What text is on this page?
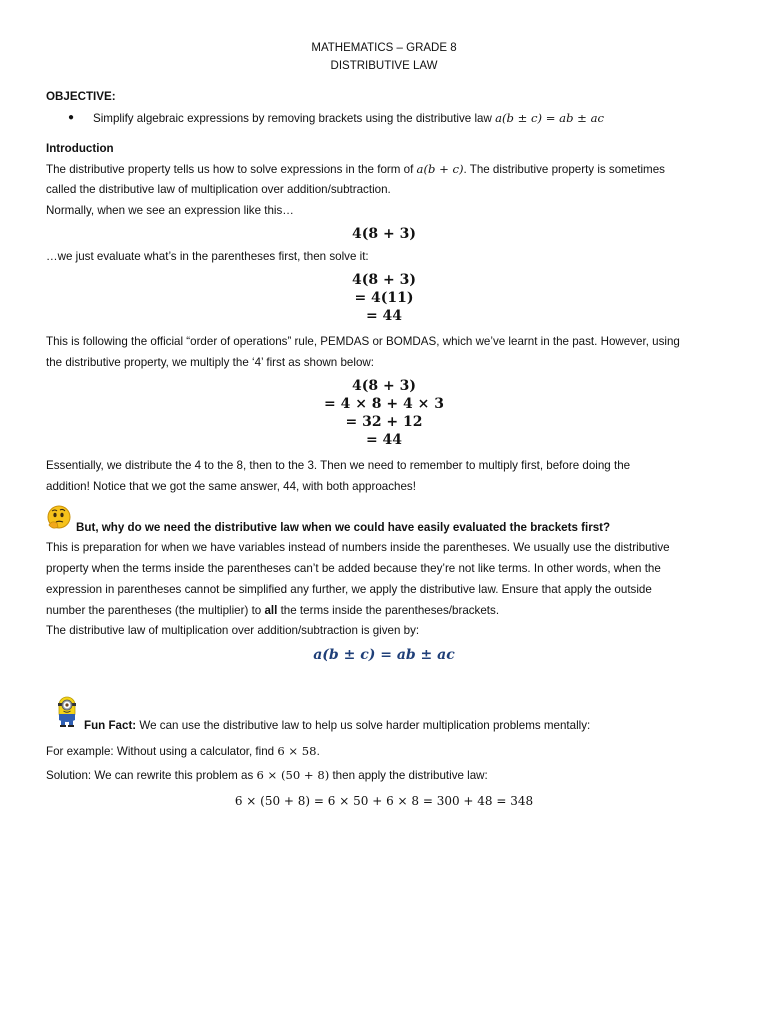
MATHEMATICS – GRADE 8
DISTRIBUTIVE LAW
OBJECTIVE:
● Simplify algebraic expressions by removing brackets using the distributive law a(b ± c) = ab ± ac
Introduction
The distributive property tells us how to solve expressions in the form of a(b + c). The distributive property is sometimes
called the distributive law of multiplication over addition/subtraction.
Normally, when we see an expression like this…
4(8 + 3)
…we just evaluate what’s in the parentheses first, then solve it:
4(8 + 3)
= 4(11)
= 44
This is following the official “order of operations” rule, PEMDAS or BOMDAS, which we’ve learnt in the past. However, using
the distributive property, we multiply the ‘4’ first as shown below:
4(8 + 3)
= 4 × 8 + 4 × 3
= 32 + 12
= 44
Essentially, we distribute the 4 to the 8, then to the 3. Then we need to remember to multiply first, before doing the
addition! Notice that we got the same answer, 44, with both approaches!
But, why do we need the distributive law when we could have easily evaluated the brackets first?
This is preparation for when we have variables instead of numbers inside the parentheses. We usually use the distributive
property when the terms inside the parentheses can’t be added because they’re not like terms. In other words, when the
expression in parentheses cannot be simplified any further, we apply the distributive law. Ensure that apply the outside
number the parentheses (the multiplier) to all the terms inside the parentheses/brackets.
The distributive law of multiplication over addition/subtraction is given by:
a(b ± c) = ab ± ac
Fun Fact: We can use the distributive law to help us solve harder multiplication problems mentally:
For example: Without using a calculator, find 6 × 58.
Solution: We can rewrite this problem as 6 × (50 + 8) then apply the distributive law:
6 × (50 + 8) = 6 × 50 + 6 × 8 = 300 + 48 = 348
